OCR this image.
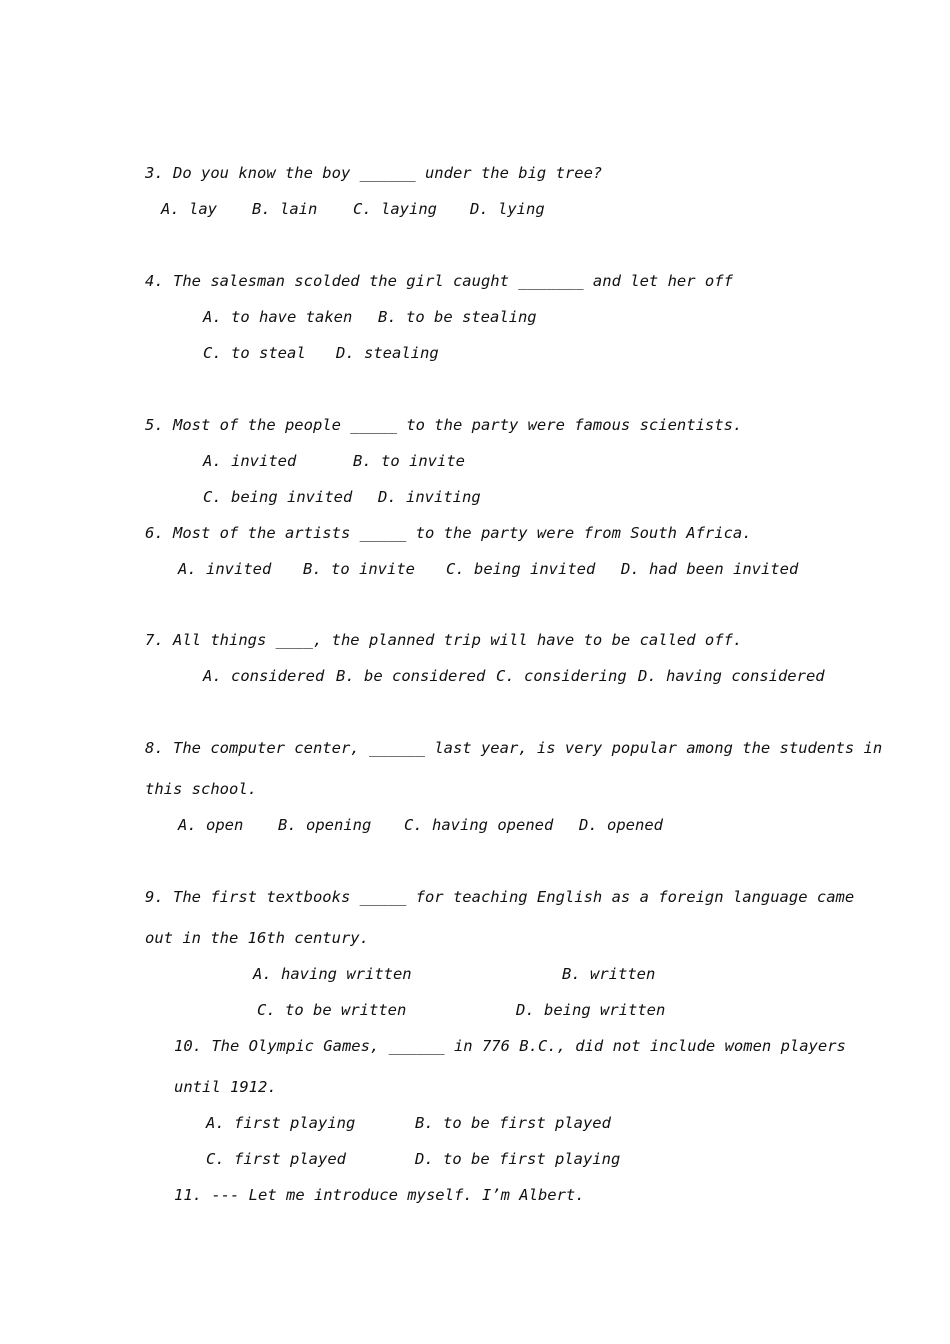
3. Do you know the boy ______ under the big tree?
A. lay B. lain C. laying D. lying
4. The salesman scolded the girl caught _______ and let her off
A. to have taken B. to be stealing
C. to steal D. stealing
5. Most of the people _____ to the party were famous scientists.
A. invited	B. to invite
C. being invited D. inviting
6. Most of the artists _____ to the party were from South Africa.
A. invited B. to invite C. being invited D. had been invited
7. All things ____, the planned trip will have to be called off.
A. considered B. be considered C. considering D. having considered
8. The computer center, ______ last year, is very popular among the students in
this school.
A. open B. opening C. having opened D. opened
9. The first textbooks _____ for teaching English as a foreign language came
out in the 16th century.
A. having written	B. written
C. to be written	D. being written
10. The Olympic Games, ______ in 776 B.C., did not include women players
until 1912.
A. first playing	B. to be first played
C. first played	D. to be first playing
11. --- Let me introduce myself. I’m Albert.
